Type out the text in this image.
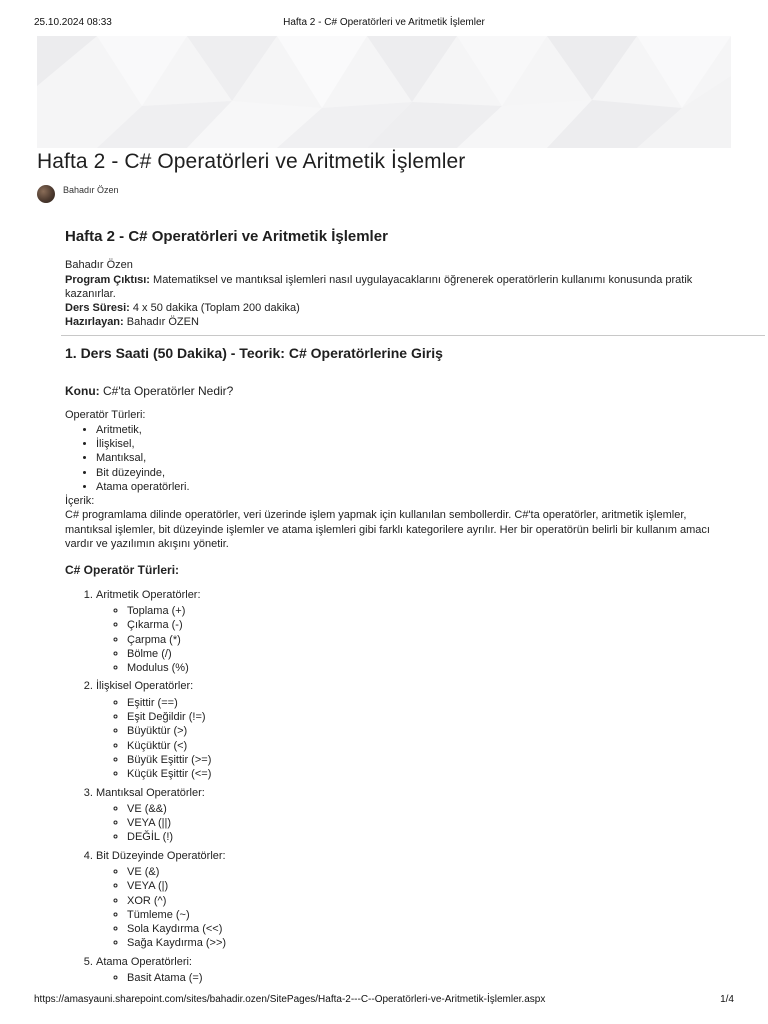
25.10.2024 08:33	Hafta 2 - C# Operatörleri ve Aritmetik İşlemler
Hafta 2 - C# Operatörleri ve Aritmetik İşlemler
Bahadır Özen
Hafta 2 - C# Operatörleri ve Aritmetik İşlemler

Bahadır Özen

Program Çıktısı: Matematiksel ve mantıksal işlemleri nasıl uygulayacaklarını öğrenerek operatörlerin kullanımı konusunda pratik kazanırlar.

Ders Süresi: 4 x 50 dakika (Toplam 200 dakika)

Hazırlayan: Bahadır ÖZEN

1. Ders Saati (50 Dakika) - Teorik: C# Operatörlerine Giriş

Konu: C#'ta Operatörler Nedir?

Operatör Türleri:

• Aritmetik,
• İlişkisel,
• Mantıksal,
• Bit düzeyinde,
• Atama operatörleri.

İçerik:

C# programlama dilinde operatörler, veri üzerinde işlem yapmak için kullanılan sembollerdir. C#'ta operatörler, aritmetik işlemler, mantıksal işlemler, bit düzeyinde işlemler ve atama işlemleri gibi farklı kategorilere ayrılır. Her bir operatörün belirli bir kullanım amacı vardır ve yazılımın akışını yönetir.

C# Operatör Türleri:

1. Aritmetik Operatörler:
◦ Toplama (+)
◦ Çıkarma (-)
◦ Çarpma (*)
◦ Bölme (/)
◦ Modulus (%)
2. İlişkisel Operatörler:
◦ Eşittir (==)
◦ Eşit Değildir (!=)
◦ Büyüktür (>)
◦ Küçüktür (<)
◦ Büyük Eşittir (>=)
◦ Küçük Eşittir (<=)
3. Mantıksal Operatörler:
◦ VE (&&)
◦ VEYA (||)
◦ DEĞİL (!)
4. Bit Düzeyinde Operatörler:
◦ VE (&)
◦ VEYA (|)
◦ XOR (^)
◦ Tümleme (~)
◦ Sola Kaydırma (<<)
◦ Sağa Kaydırma (>>)
5. Atama Operatörleri:
◦ Basit Atama (=)
https://amasyauni.sharepoint.com/sites/bahadir.ozen/SitePages/Hafta-2---C--Operatörleri-ve-Aritmetik-İşlemler.aspx	1/4
